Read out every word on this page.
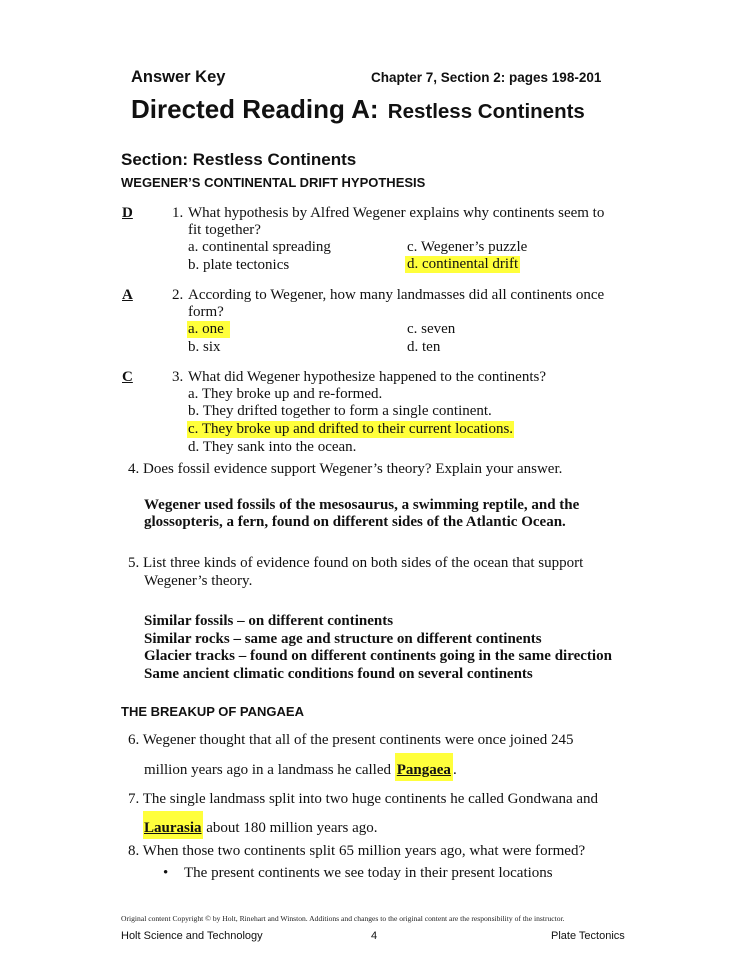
Answer Key	Chapter 7, Section 2: pages 198-201
Directed Reading A: Restless Continents
Section: Restless Continents
WEGENER’S CONTINENTAL DRIFT HYPOTHESIS
D	1. What hypothesis by Alfred Wegener explains why continents seem to
fit together?
a. continental spreading	c. Wegener’s puzzle
b. plate tectonics	d. continental drift
A	2. According to Wegener, how many landmasses did all continents once
form?
a. one	c. seven
b. six	d. ten
C	3. What did Wegener hypothesize happened to the continents?
a. They broke up and re-formed.
b. They drifted together to form a single continent.
c. They broke up and drifted to their current locations.
d. They sank into the ocean.
4. Does fossil evidence support Wegener’s theory? Explain your answer.
Wegener used fossils of the mesosaurus, a swimming reptile, and the
glossopteris, a fern, found on different sides of the Atlantic Ocean.
5. List three kinds of evidence found on both sides of the ocean that support
Wegener’s theory.
Similar fossils – on different continents
Similar rocks – same age and structure on different continents
Glacier tracks – found on different continents going in the same direction
Same ancient climatic conditions found on several continents
THE BREAKUP OF PANGAEA
6. Wegener thought that all of the present continents were once joined 245
million years ago in a landmass he called Pangaea .
7. The single landmass split into two huge continents he called Gondwana and
Laurasia about 180 million years ago.
8. When those two continents split 65 million years ago, what were formed?
• The present continents we see today in their present locations
Original content Copyright © by Holt, Rinehart and Winston. Additions and changes to the original content are the responsibility of the instructor.
Holt Science and Technology	4	Plate Tectonics
